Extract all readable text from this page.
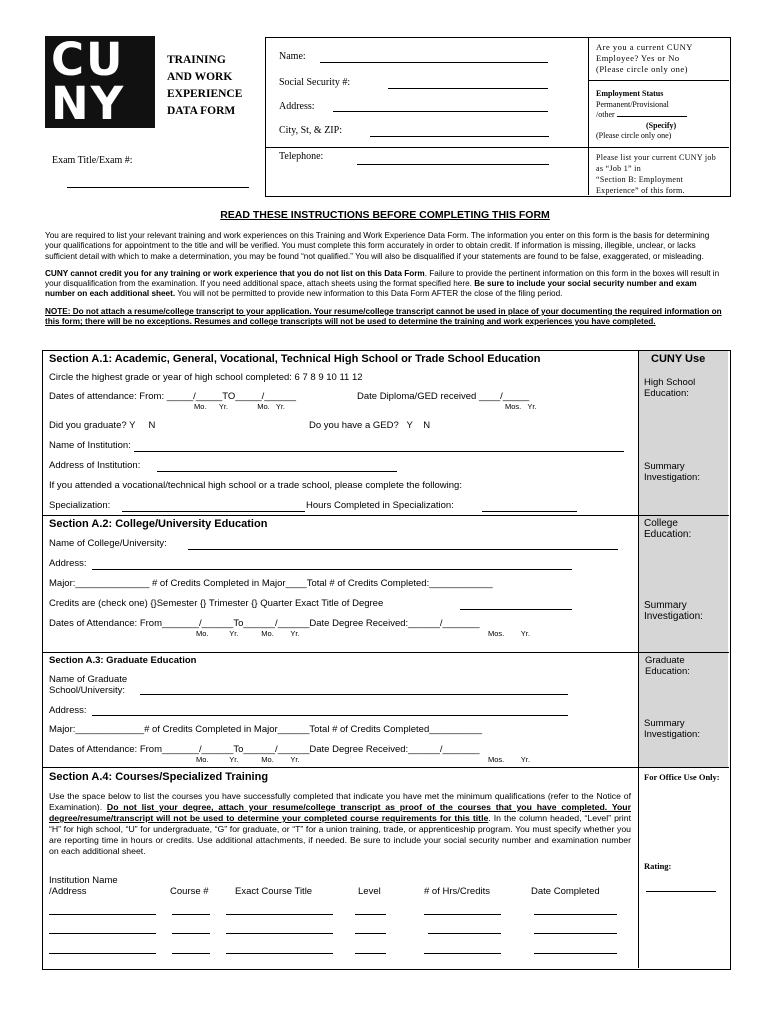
CU
NY
TRAINING
AND WORK
EXPERIENCE
DATA FORM
Exam Title/Exam #:
Name:
Social Security #:
Address:
City, St, & ZIP:
Telephone:
Are you a current CUNY Employee? Yes or No
(Please circle only one)
Employment Status
Permanent/Provisional
/other
(Specify)
(Please circle only one)
Please list your current CUNY job as “Job 1” in
“Section B: Employment Experience” of this form.
READ THESE INSTRUCTIONS BEFORE COMPLETING THIS FORM

You are required to list your relevant training and work experiences on this Training and Work Experience Data Form. The information you enter on this form is the basis for determining your qualifications for appointment to the title and will be verified. You must complete this form accurately in order to obtain credit. If information is missing, illegible, unclear, or lacks sufficient detail with which to make a determination, you may be found “not qualified.” You will also be disqualified if your statements are found to be false, exaggerated, or misleading.

CUNY cannot credit you for any training or work experience that you do not list on this Data Form. Failure to provide the pertinent information on this form in the boxes will result in your disqualification from the examination. If you need additional space, attach sheets using the format specified here. Be sure to include your social security number and exam number on each additional sheet. You will not be permitted to provide new information to this Data Form AFTER the close of the filing period.

NOTE: Do not attach a resume/college transcript to your application. Your resume/college transcript cannot be used in place of your documenting the required information on this form; there will be no exceptions. Resumes and college transcripts will not be used to determine the training and work experiences you have completed.

Section A.1: Academic, General, Vocational, Technical High School or Trade School Education	CUNY Use
Circle the highest grade or year of high school completed: 6 7 8 9 10 11 12
Dates of attendance: From: _____/_____TO_____/______	Date Diploma/GED received ____/_____
Mo.      Yr.              Mo.   Yr.	Mos.   Yr.
Did you graduate? Y     N	Do you have a GED?   Y    N
Name of Institution:
Address of Institution:
If you attended a vocational/technical high school or a trade school, please complete the following:
Specialization:	Hours Completed in Specialization:
High School Education:
Summary Investigation:
Section A.2: College/University Education
Name of College/University:
Address:
Major:______________ # of Credits Completed in Major____Total # of Credits Completed:____________
Credits are (check one) {}Semester {} Trimester {} Quarter Exact Title of Degree
Dates of Attendance: From_______/______To______/______Date Degree Received:______/_______
Mo.          Yr.           Mo.        Yr.	Mos.        Yr.
College Education:
Summary Investigation:
Section A.3: Graduate Education
Name of Graduate
School/University:
Address:
Major:_____________# of Credits Completed in Major______Total # of Credits Completed__________
Dates of Attendance: From_______/______To______/______Date Degree Received:______/_______
Mo.          Yr.           Mo.        Yr.	Mos.        Yr.
Graduate Education:
Summary Investigation:
Section A.4: Courses/Specialized Training
Use the space below to list the courses you have successfully completed that indicate you have met the minimum qualifications (refer to the Notice of Examination). Do not list your degree, attach your resume/college transcript as proof of the courses that you have completed. Your degree/resume/transcript will not be used to determine your completed course requirements for this title. In the column headed, “Level” print “H” for high school, “U” for undergraduate, “G” for graduate, or “T” for a union training, trade, or apprenticeship program. You must specify whether you are reporting time in hours or credits. Use additional attachments, if needed. Be sure to include your social security number and examination number on each additional sheet.
Institution Name
/Address	Course #	Exact Course Title	Level	# of Hrs/Credits	Date Completed
For Office Use Only:
Rating:
